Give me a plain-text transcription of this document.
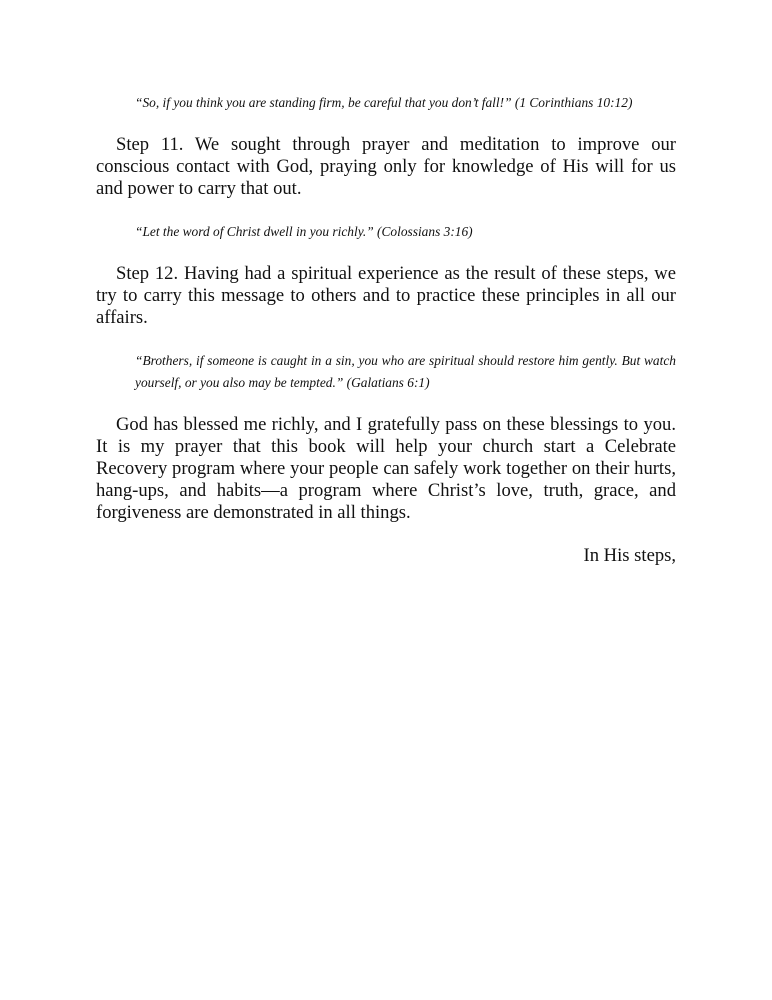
“So, if you think you are standing firm, be careful that you don’t fall!” (1 Corinthians 10:12)

Step 11. We sought through prayer and meditation to improve our conscious contact with God, praying only for knowledge of His will for us and power to carry that out.

“Let the word of Christ dwell in you richly.” (Colossians 3:16)

Step 12. Having had a spiritual experience as the result of these steps, we try to carry this message to others and to practice these principles in all our affairs.

“Brothers, if someone is caught in a sin, you who are spiritual should restore him gently. But watch yourself, or you also may be tempted.” (Galatians 6:1)

God has blessed me richly, and I gratefully pass on these blessings to you. It is my prayer that this book will help your church start a Celebrate Recovery program where your people can safely work together on their hurts, hang-ups, and habits—a program where Christ’s love, truth, grace, and forgiveness are demonstrated in all things.

In His steps,
